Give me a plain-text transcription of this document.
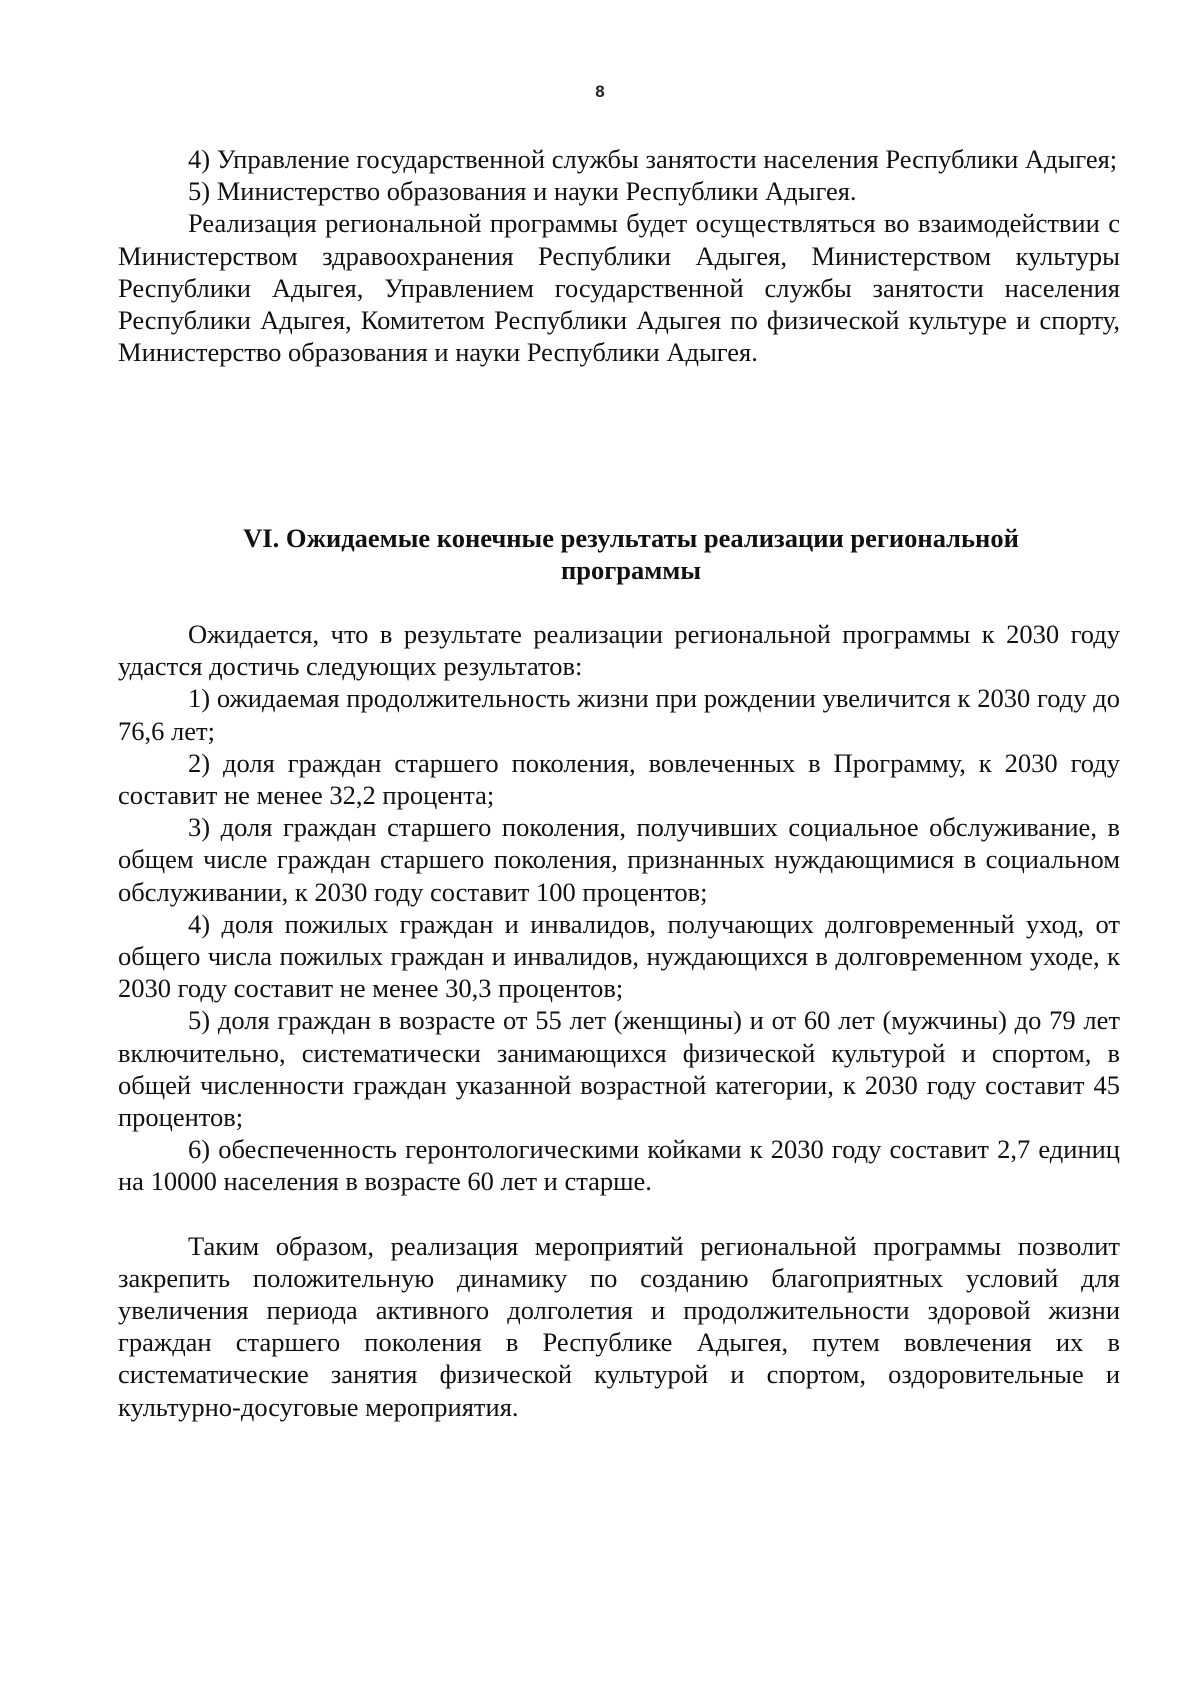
8

4) Управление государственной службы занятости населения Республики Адыгея;

5) Министерство образования и науки Республики Адыгея.

Реализация региональной программы будет осуществляться во взаимодействии с Министерством здравоохранения Республики Адыгея, Министерством культуры Республики Адыгея, Управлением государственной службы занятости населения Республики Адыгея, Комитетом Республики Адыгея по физической культуре и спорту, Министерство образования и науки Республики Адыгея.

VI. Ожидаемые конечные результаты реализации региональной
программы

Ожидается, что в результате реализации региональной программы к 2030 году удастся достичь следующих результатов:

1) ожидаемая продолжительность жизни при рождении увеличится к 2030 году до 76,6 лет;

2) доля граждан старшего поколения, вовлеченных в Программу, к 2030 году составит не менее 32,2 процента;

3) доля граждан старшего поколения, получивших социальное обслуживание, в общем числе граждан старшего поколения, признанных нуждающимися в социальном обслуживании, к 2030 году составит 100 процентов;

4) доля пожилых граждан и инвалидов, получающих долговременный уход, от общего числа пожилых граждан и инвалидов, нуждающихся в долговременном уходе, к 2030 году составит не менее 30,3 процентов;

5) доля граждан в возрасте от 55 лет (женщины) и от 60 лет (мужчины) до 79 лет включительно, систематически занимающихся физической культурой и спортом, в общей численности граждан указанной возрастной категории, к 2030 году составит 45 процентов;

6) обеспеченность геронтологическими койками к 2030 году составит 2,7 единиц на 10000 населения в возрасте 60 лет и старше.

Таким образом, реализация мероприятий региональной программы позволит закрепить положительную динамику по созданию благоприятных условий для увеличения периода активного долголетия и продолжительности здоровой жизни граждан старшего поколения в Республике Адыгея, путем вовлечения их в систематические занятия физической культурой и спортом, оздоровительные и культурно-досуговые мероприятия.
